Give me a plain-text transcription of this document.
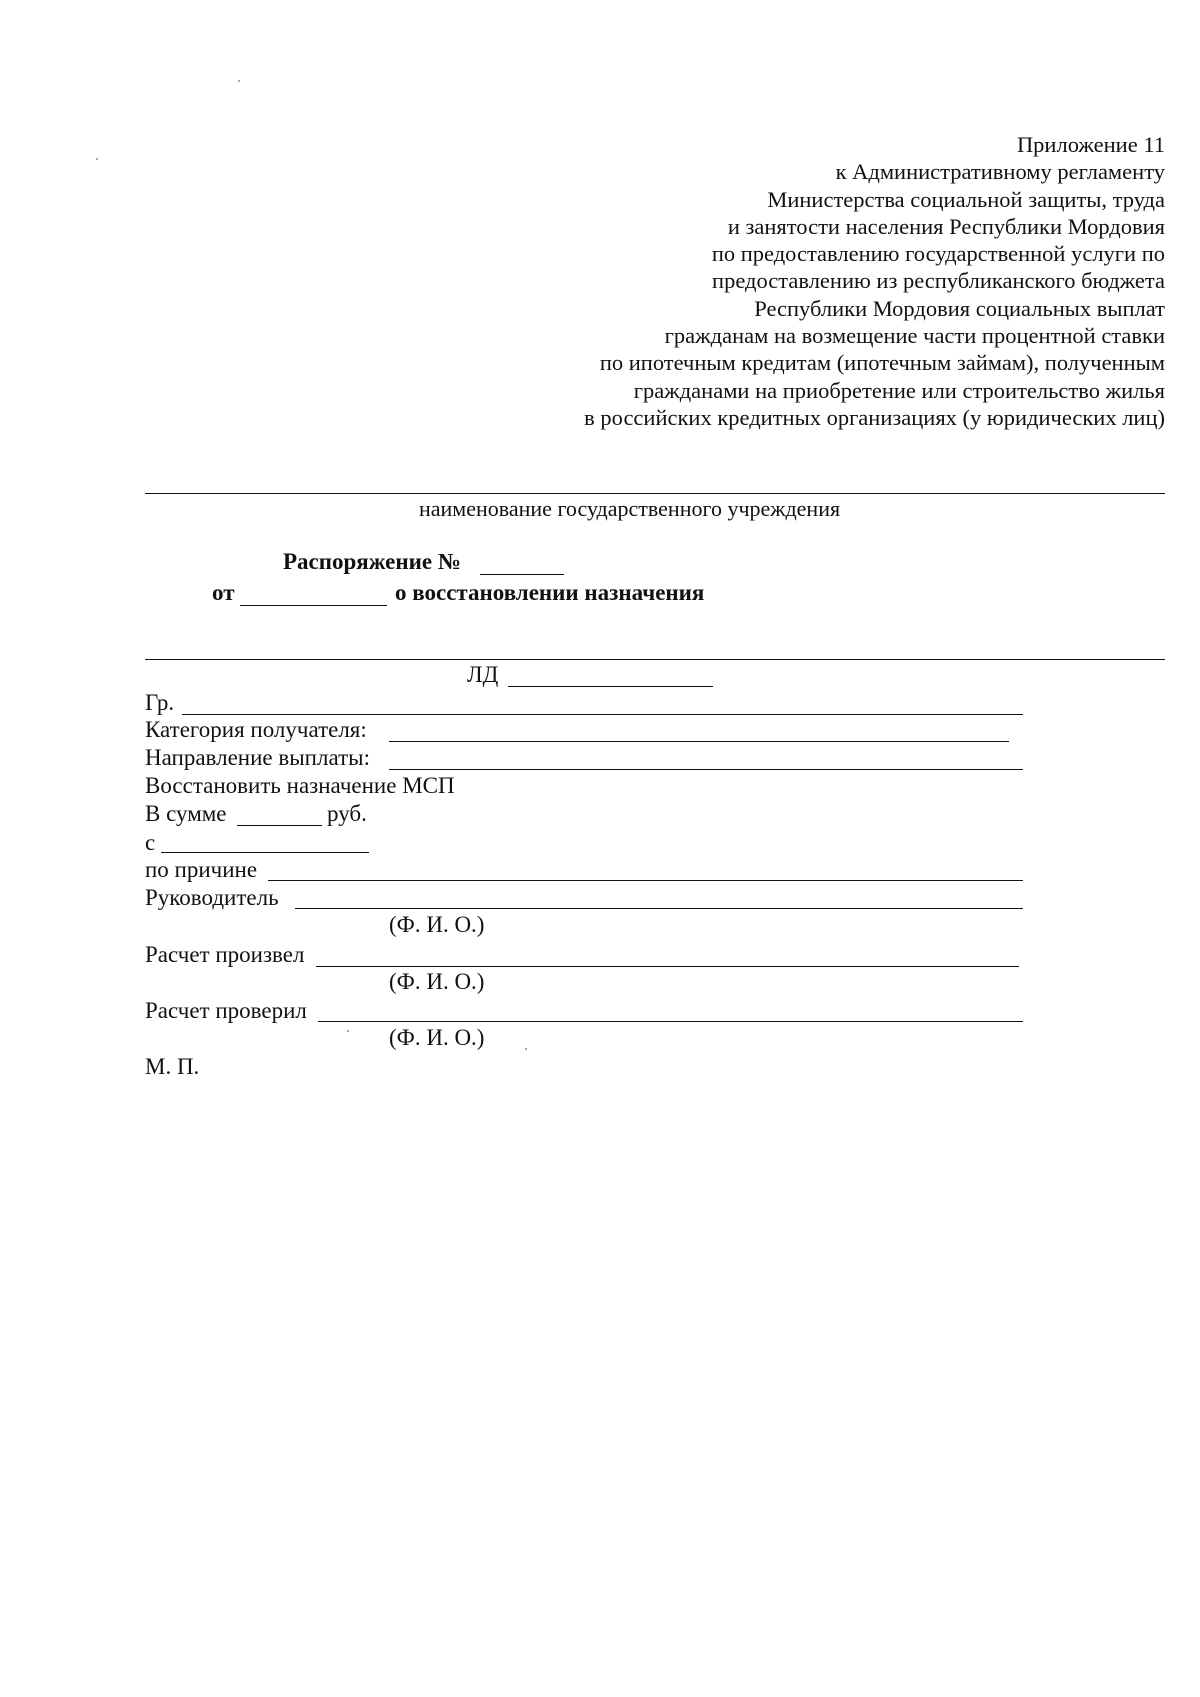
Приложение 11
к Административному регламенту
Министерства социальной защиты, труда
и занятости населения Республики Мордовия
по предоставлению государственной услуги по
предоставлению из республиканского бюджета
Республики Мордовия социальных выплат
гражданам на возмещение части процентной ставки
по ипотечным кредитам (ипотечным займам), полученным
гражданами на приобретение или строительство жилья
в российских кредитных организациях (у юридических лиц)
наименование государственного учреждения
Распоряжение №
от	о восстановлении назначения
ЛД
Гр.
Категория получателя:
Направление выплаты:
Восстановить назначение МСП
В сумме	руб.
с
по причине
Руководитель
(Ф. И. О.)
Расчет произвел
(Ф. И. О.)
Расчет проверил
(Ф. И. О.)
М. П.
